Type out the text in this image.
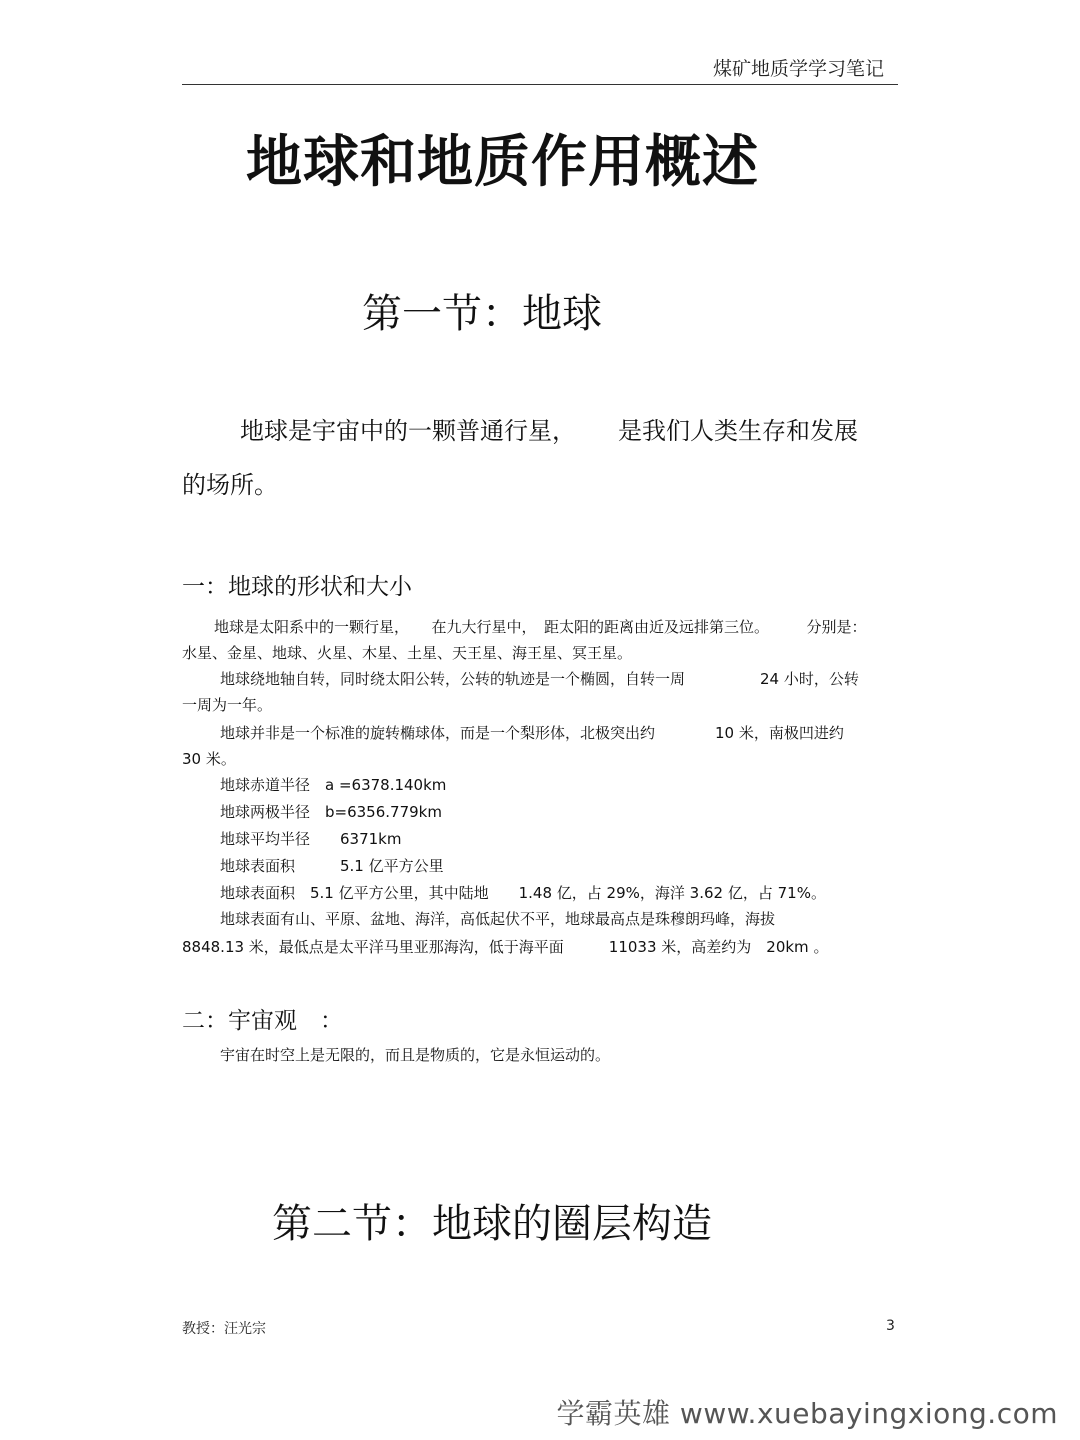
煤矿地质学学习笔记
地球和地质作用概述
第一节：地球
地球是宇宙中的一颗普通行星， 是我们人类生存和发展
的场所。
一：地球的形状和大小
地球是太阳系中的一颗行星，　　在九大行星中，　距太阳的距离由近及远排第三位。　　　分别是：
水星、金星、地球、火星、木星、土星、天王星、海王星、冥王星。
地球绕地轴自转，同时绕太阳公转，公转的轨迹是一个椭圆，自转一周　　　　　24 小时，公转
一周为一年。
地球并非是一个标准的旋转椭球体，而是一个梨形体，北极突出约　　　　10 米，南极凹进约
30 米。
地球赤道半径　a =6378.140km
地球两极半径　b=6356.779km
地球平均半径　　6371km
地球表面积　　　5.1 亿平方公里
地球表面积　5.1 亿平方公里，其中陆地　　1.48 亿，占 29%，海洋 3.62 亿，占 71%。
地球表面有山、平原、盆地、海洋，高低起伏不平，地球最高点是珠穆朗玛峰，海拔
8848.13 米，最低点是太平洋马里亚那海沟，低于海平面　　　11033 米，高差约为　20km 。
二：宇宙观　：
宇宙在时空上是无限的，而且是物质的，它是永恒运动的。
第二节：地球的圈层构造
教授：汪光宗	3
学霸英雄 www.xuebayingxiong.com
